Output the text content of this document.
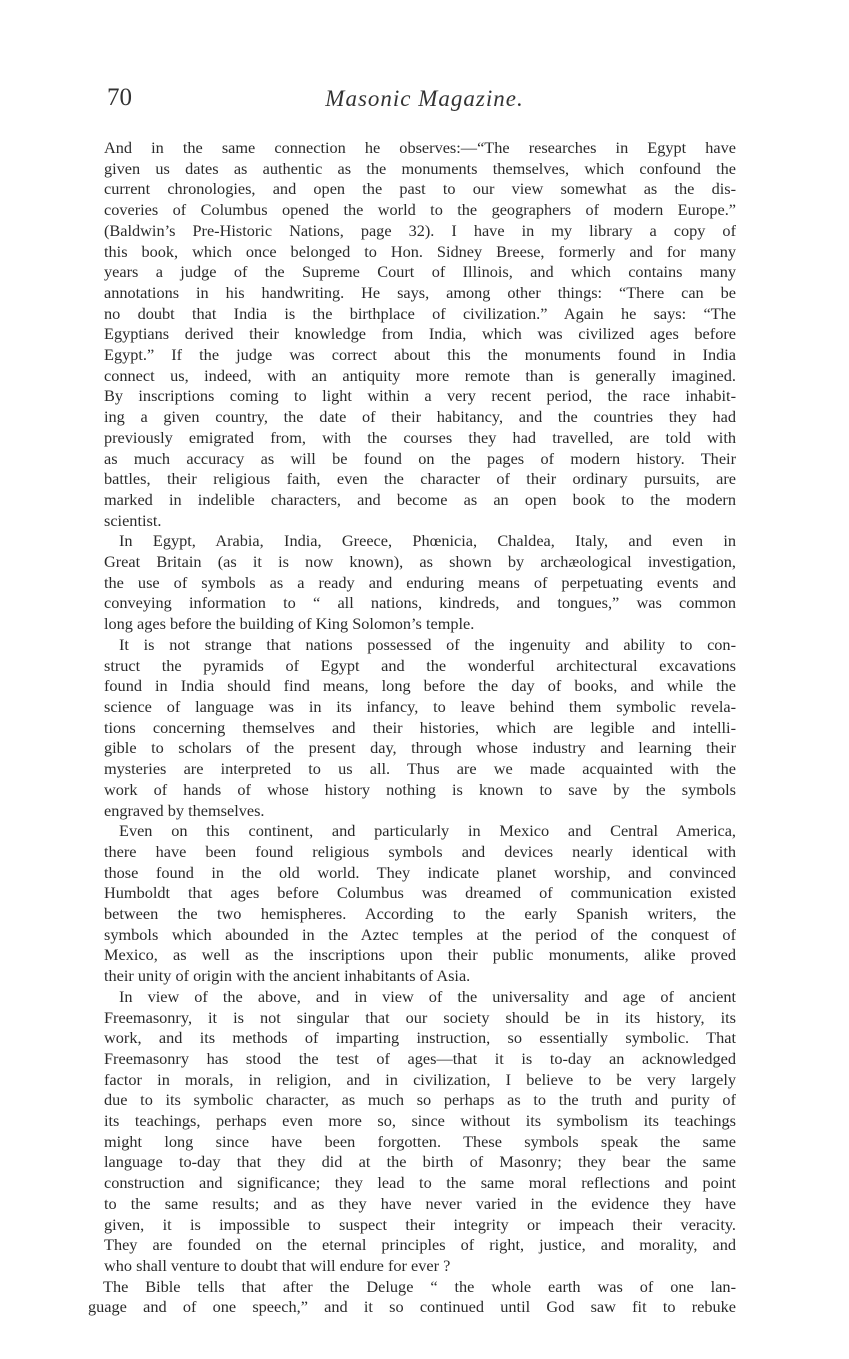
70	Masonic Magazine.
And in the same connection he observes:—“The researches in Egypt have
given us dates as authentic as the monuments themselves, which confound the
current chronologies, and open the past to our view somewhat as the dis-
coveries of Columbus opened the world to the geographers of modern Europe.”
(Baldwin’s Pre-Historic Nations, page 32). I have in my library a copy of
this book, which once belonged to Hon. Sidney Breese, formerly and for many
years a judge of the Supreme Court of Illinois, and which contains many
annotations in his handwriting. He says, among other things: “There can be
no doubt that India is the birthplace of civilization.” Again he says: “The
Egyptians derived their knowledge from India, which was civilized ages before
Egypt.” If the judge was correct about this the monuments found in India
connect us, indeed, with an antiquity more remote than is generally imagined.
By inscriptions coming to light within a very recent period, the race inhabit-
ing a given country, the date of their habitancy, and the countries they had
previously emigrated from, with the courses they had travelled, are told with
as much accuracy as will be found on the pages of modern history. Their
battles, their religious faith, even the character of their ordinary pursuits, are
marked in indelible characters, and become as an open book to the modern
scientist.
In Egypt, Arabia, India, Greece, Phœnicia, Chaldea, Italy, and even in
Great Britain (as it is now known), as shown by archæological investigation,
the use of symbols as a ready and enduring means of perpetuating events and
conveying information to “ all nations, kindreds, and tongues,” was common
long ages before the building of King Solomon’s temple.
It is not strange that nations possessed of the ingenuity and ability to con-
struct the pyramids of Egypt and the wonderful architectural excavations
found in India should find means, long before the day of books, and while the
science of language was in its infancy, to leave behind them symbolic revela-
tions concerning themselves and their histories, which are legible and intelli-
gible to scholars of the present day, through whose industry and learning their
mysteries are interpreted to us all. Thus are we made acquainted with the
work of hands of whose history nothing is known to save by the symbols
engraved by themselves.
Even on this continent, and particularly in Mexico and Central America,
there have been found religious symbols and devices nearly identical with
those found in the old world. They indicate planet worship, and convinced
Humboldt that ages before Columbus was dreamed of communication existed
between the two hemispheres. According to the early Spanish writers, the
symbols which abounded in the Aztec temples at the period of the conquest of
Mexico, as well as the inscriptions upon their public monuments, alike proved
their unity of origin with the ancient inhabitants of Asia.
In view of the above, and in view of the universality and age of ancient
Freemasonry, it is not singular that our society should be in its history, its
work, and its methods of imparting instruction, so essentially symbolic. That
Freemasonry has stood the test of ages—that it is to-day an acknowledged
factor in morals, in religion, and in civilization, I believe to be very largely
due to its symbolic character, as much so perhaps as to the truth and purity of
its teachings, perhaps even more so, since without its symbolism its teachings
might long since have been forgotten. These symbols speak the same
language to-day that they did at the birth of Masonry; they bear the same
construction and significance; they lead to the same moral reflections and point
to the same results; and as they have never varied in the evidence they have
given, it is impossible to suspect their integrity or impeach their veracity.
They are founded on the eternal principles of right, justice, and morality, and
who shall venture to doubt that will endure for ever ?
The Bible tells that after the Deluge “ the whole earth was of one lan-
guage and of one speech,” and it so continued until God saw fit to rebuke
